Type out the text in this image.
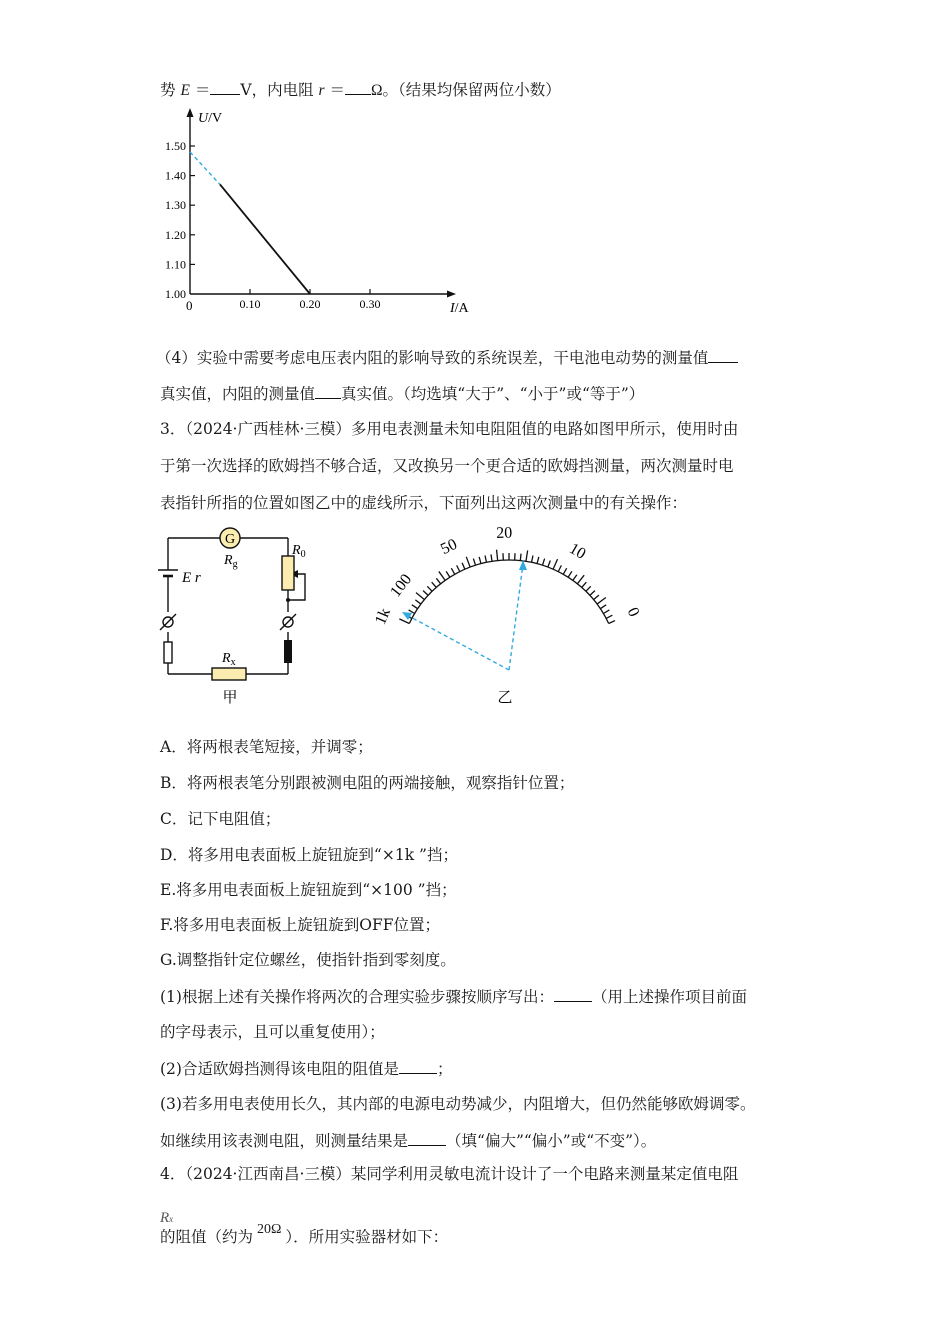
势 E ＝ V，内电阻 r ＝ Ω。（结果均保留两位小数）
U/V
I/A
0	0.10	0.20	0.30
1.00
1.10
1.20
1.30
1.40
1.50
（4）实验中需要考虑电压表内阻的影响导致的系统误差，干电池电动势的测量值
真实值，内阻的测量值 真实值。（均选填“大于”、“小于”或“等于”）
3．（2024·广西桂林·三模）多用电表测量未知电阻阻值的电路如图甲所示，使用时由
于第一次选择的欧姆挡不够合适，又改换另一个更合适的欧姆挡测量，两次测量时电
表指针所指的位置如图乙中的虚线所示，下面列出这两次测量中的有关操作：
G
$R_g$
$R_0$
E r
$R_x$
甲
1k
100
50
20
10
0
乙
A．将两根表笔短接，并调零；
B．将两根表笔分别跟被测电阻的两端接触，观察指针位置；
C．记下电阻值；
D．将多用电表面板上旋钮旋到“×1k ”挡；
E.将多用电表面板上旋钮旋到“×100 ”挡；
F.将多用电表面板上旋钮旋到OFF位置；
G.调整指针定位螺丝，使指针指到零刻度。
(1)根据上述有关操作将两次的合理实验步骤按顺序写出： （用上述操作项目前面
的字母表示，且可以重复使用）；
(2)合适欧姆挡测得该电阻的阻值是 ；
(3)若多用电表使用长久，其内部的电源电动势减少，内阻增大，但仍然能够欧姆调零。
如继续用该表测电阻，则测量结果是 （填“偏大”“偏小”或“不变”）。
4．（2024·江西南昌·三模）某同学利用灵敏电流计设计了一个电路来测量某定值电阻
Rx
的阻值（约为 20Ω ）．所用实验器材如下：
